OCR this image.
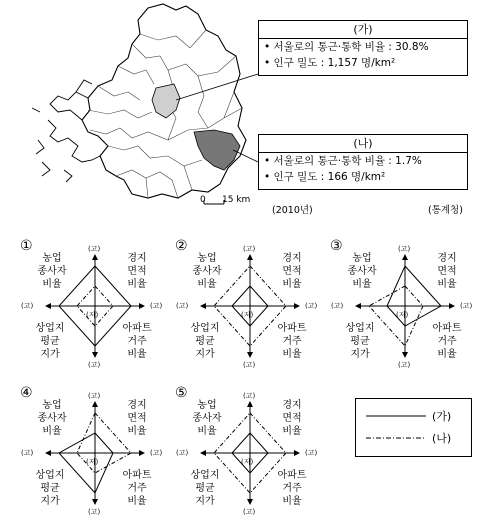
0 15 km
(가)
• 서울로의 통근·통학 비율 : 30.8%
• 인구 밀도 : 1,157 명/km²
(나)
• 서울로의 통근·통학 비율 : 1.7%
• 인구 밀도 : 166 명/km²
(2010년)	(통계청)
①	(고)
(고)
(고)	(고)
(저)
농업
종사자
비율
경지
면적
비율
상업지
평균
지가
아파트
거주
비율
②	(고)
(고)
(고)	(고)
(저)
농업
종사자
비율
경지
면적
비율
상업지
평균
지가
아파트
거주
비율
③	(고)
(고)
(고)	(고)
(저)
농업
종사자
비율
경지
면적
비율
상업지
평균
지가
아파트
거주
비율
④	(고)
(고)
(고)	(고)
(저)
농업
종사자
비율
경지
면적
비율
상업지
평균
지가
아파트
거주
비율
⑤	(고)
(고)
(고)	(고)
(저)
농업
종사자
비율
경지
면적
비율
상업지
평균
지가
아파트
거주
비율
(가)
(나)
